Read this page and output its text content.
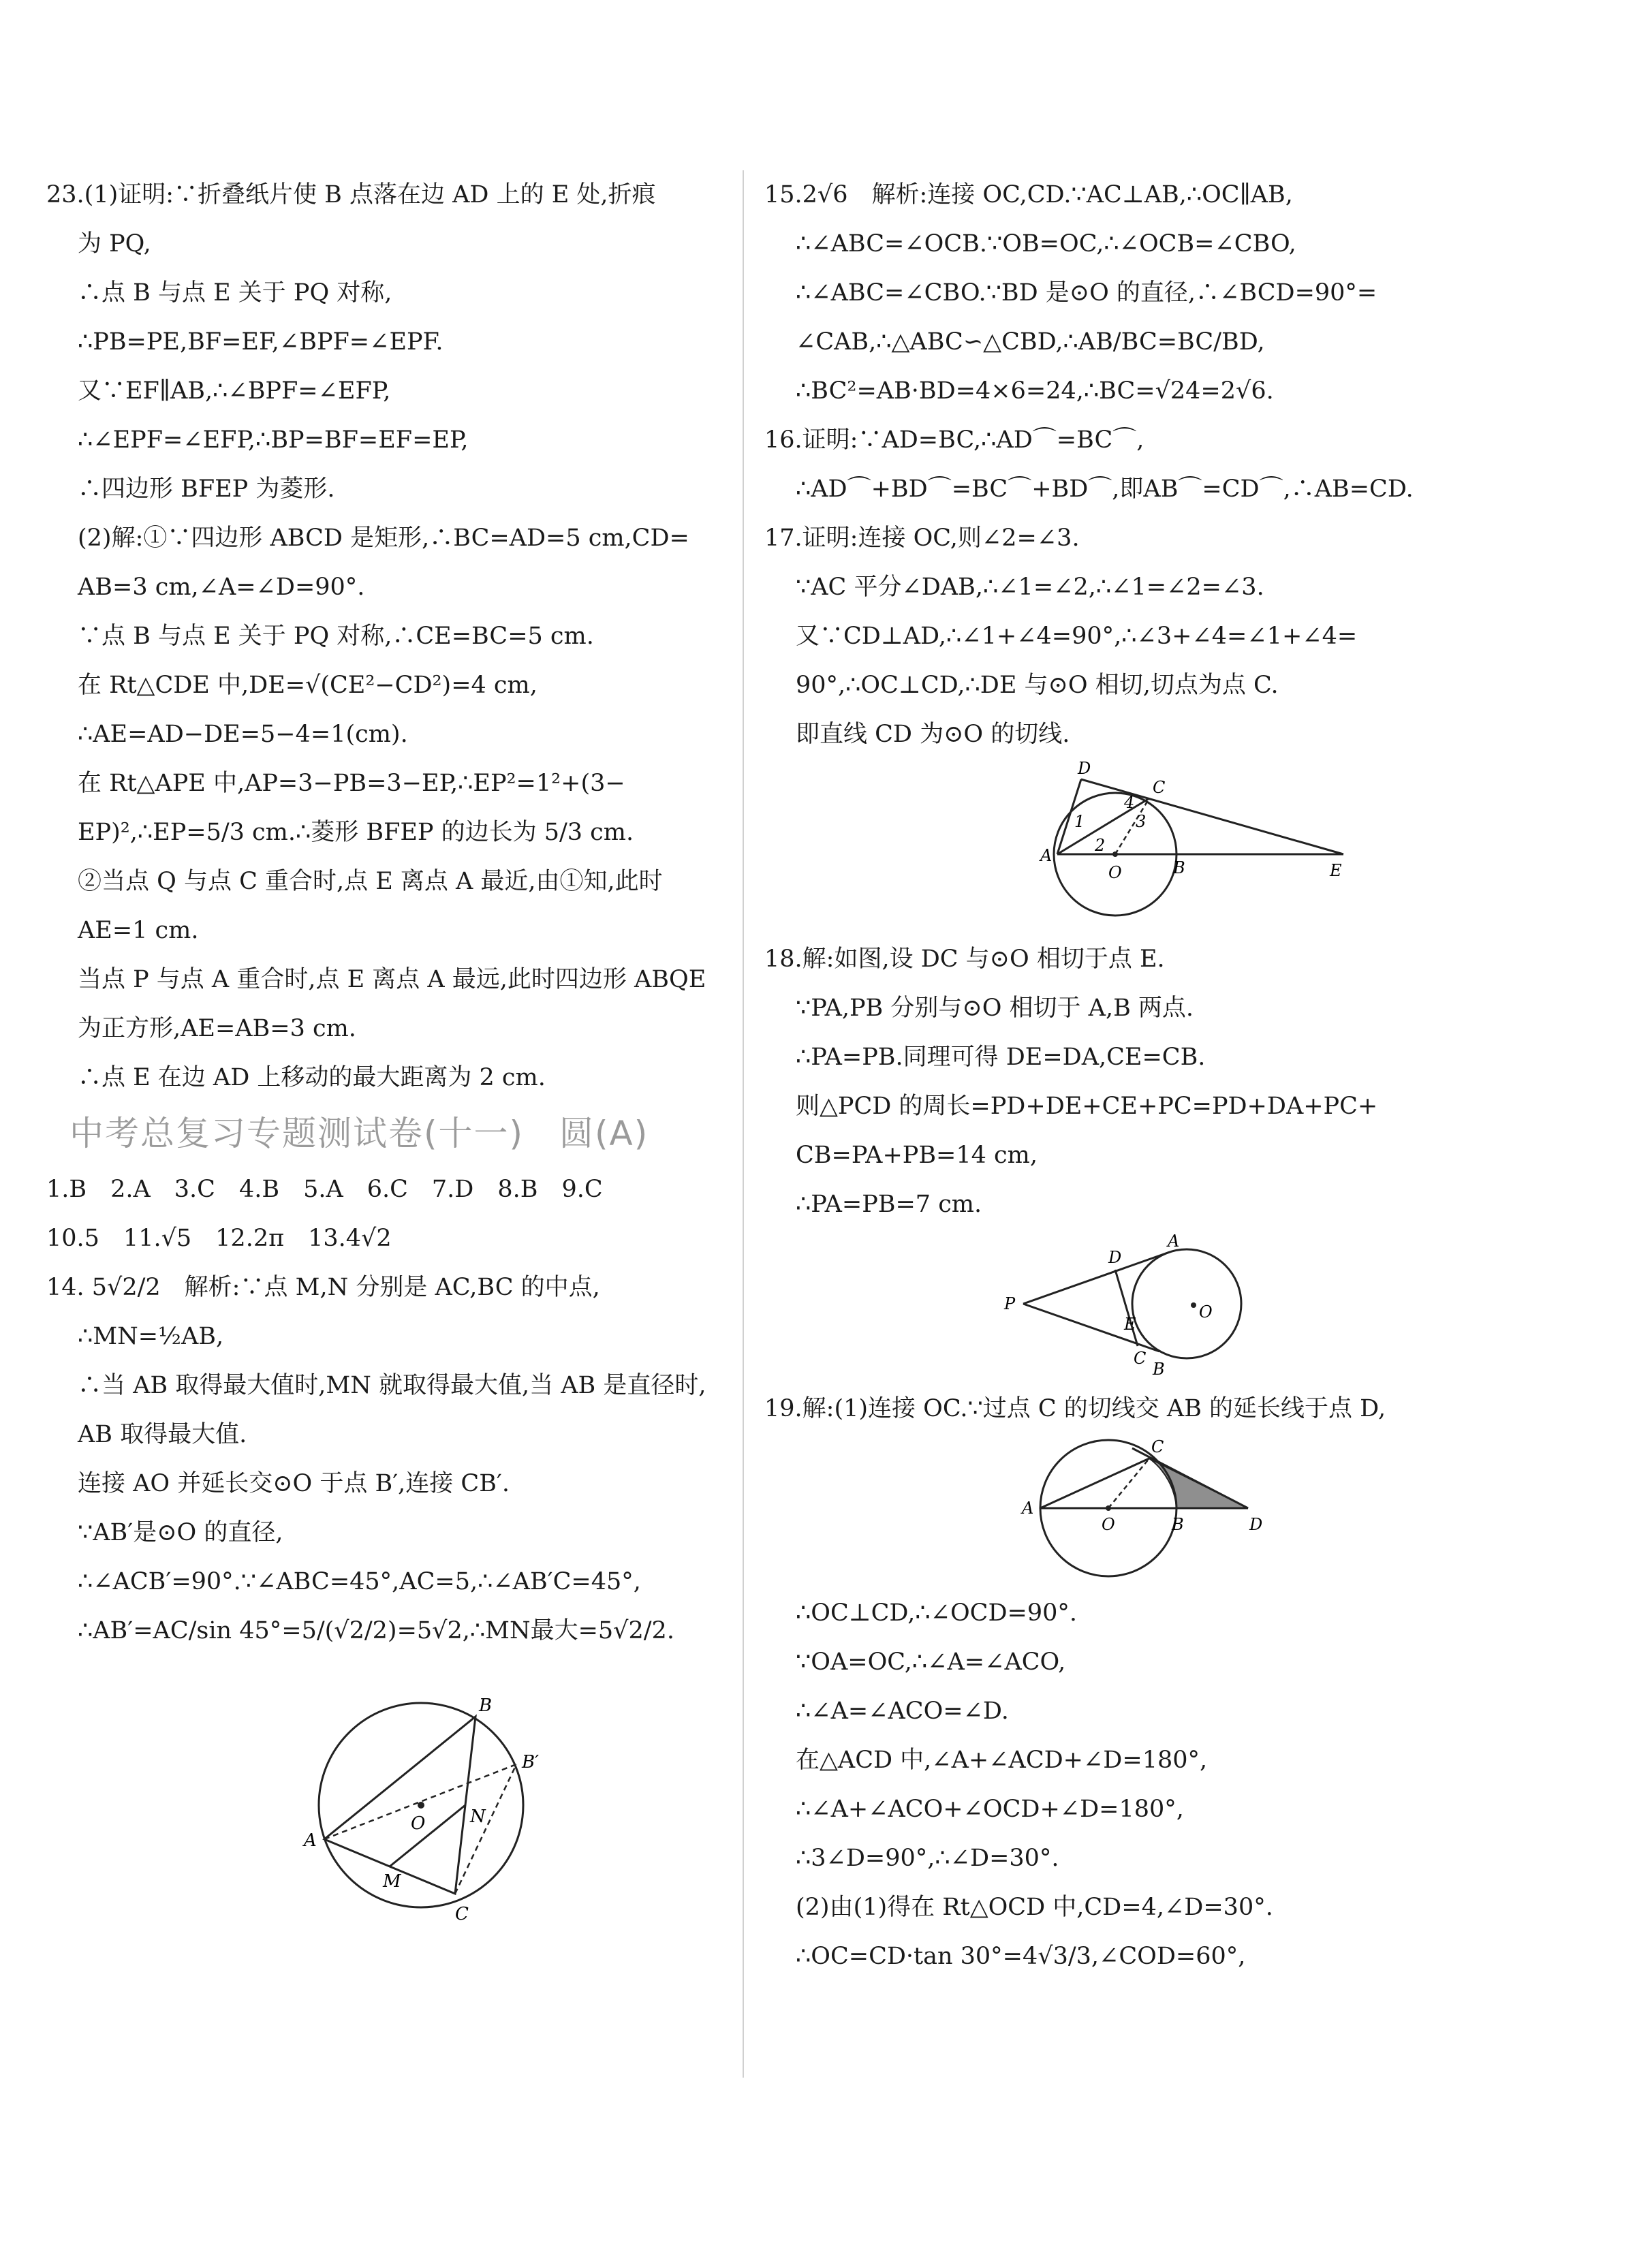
23.(1)证明:∵折叠纸片使 B 点落在边 AD 上的 E 处,折痕
为 PQ,
∴点 B 与点 E 关于 PQ 对称,
∴PB=PE,BF=EF,∠BPF=∠EPF.
又∵EF∥AB,∴∠BPF=∠EFP,
∴∠EPF=∠EFP,∴BP=BF=EF=EP,
∴四边形 BFEP 为菱形.
(2)解:①∵四边形 ABCD 是矩形,∴BC=AD=5 cm,CD=
AB=3 cm,∠A=∠D=90°.
∵点 B 与点 E 关于 PQ 对称,∴CE=BC=5 cm.
在 Rt△CDE 中,DE=√(CE²−CD²)=4 cm,
∴AE=AD−DE=5−4=1(cm).
在 Rt△APE 中,AP=3−PB=3−EP,∴EP²=1²+(3−
EP)²,∴EP=5/3 cm.∴菱形 BFEP 的边长为 5/3 cm.
②当点 Q 与点 C 重合时,点 E 离点 A 最近,由①知,此时
AE=1 cm.
当点 P 与点 A 重合时,点 E 离点 A 最远,此时四边形 ABQE
为正方形,AE=AB=3 cm.
∴点 E 在边 AD 上移动的最大距离为 2 cm.
中考总复习专题测试卷(十一)　圆(A)
1.B　2.A　3.C　4.B　5.A　6.C　7.D　8.B　9.C
10.5　11.√5　12.2π　13.4√2
14. 5√2/2　解析:∵点 M,N 分别是 AC,BC 的中点,
∴MN=½AB,
∴当 AB 取得最大值时,MN 就取得最大值,当 AB 是直径时,
AB 取得最大值.
连接 AO 并延长交⊙O 于点 B′,连接 CB′.
∵AB′是⊙O 的直径,
∴∠ACB′=90°.∵∠ABC=45°,AC=5,∴∠AB′C=45°,
∴AB′=AC/sin 45°=5/(√2/2)=5√2,∴MN最大=5√2/2.
B
B′
O	N
A
M
C
15.2√6　解析:连接 OC,CD.∵AC⊥AB,∴OC∥AB,
∴∠ABC=∠OCB.∵OB=OC,∴∠OCB=∠CBO,
∴∠ABC=∠CBO.∵BD 是⊙O 的直径,∴∠BCD=90°=
∠CAB,∴△ABC∽△CBD,∴AB/BC=BC/BD,
∴BC²=AB·BD=4×6=24,∴BC=√24=2√6.
16.证明:∵AD=BC,∴AD⌒=BC⌒,
∴AD⌒+BD⌒=BC⌒+BD⌒,即AB⌒=CD⌒,∴AB=CD.
17.证明:连接 OC,则∠2=∠3.
∵AC 平分∠DAB,∴∠1=∠2,∴∠1=∠2=∠3.
又∵CD⊥AD,∴∠1+∠4=90°,∴∠3+∠4=∠1+∠4=
90°,∴OC⊥CD,∴DE 与⊙O 相切,切点为点 C.
即直线 CD 为⊙O 的切线.
D
C
A
O	B	E
1
2
3
4
18.解:如图,设 DC 与⊙O 相切于点 E.
∵PA,PB 分别与⊙O 相切于 A,B 两点.
∴PA=PB.同理可得 DE=DA,CE=CB.
则△PCD 的周长=PD+DE+CE+PC=PD+DA+PC+
CB=PA+PB=14 cm,
∴PA=PB=7 cm.
P
D
A
O
E
C
B
19.解:(1)连接 OC.∵过点 C 的切线交 AB 的延长线于点 D,
C
A
O	B	D
∴OC⊥CD,∴∠OCD=90°.
∵OA=OC,∴∠A=∠ACO,
∴∠A=∠ACO=∠D.
在△ACD 中,∠A+∠ACD+∠D=180°,
∴∠A+∠ACO+∠OCD+∠D=180°,
∴3∠D=90°,∴∠D=30°.
(2)由(1)得在 Rt△OCD 中,CD=4,∠D=30°.
∴OC=CD·tan 30°=4√3/3,∠COD=60°,
